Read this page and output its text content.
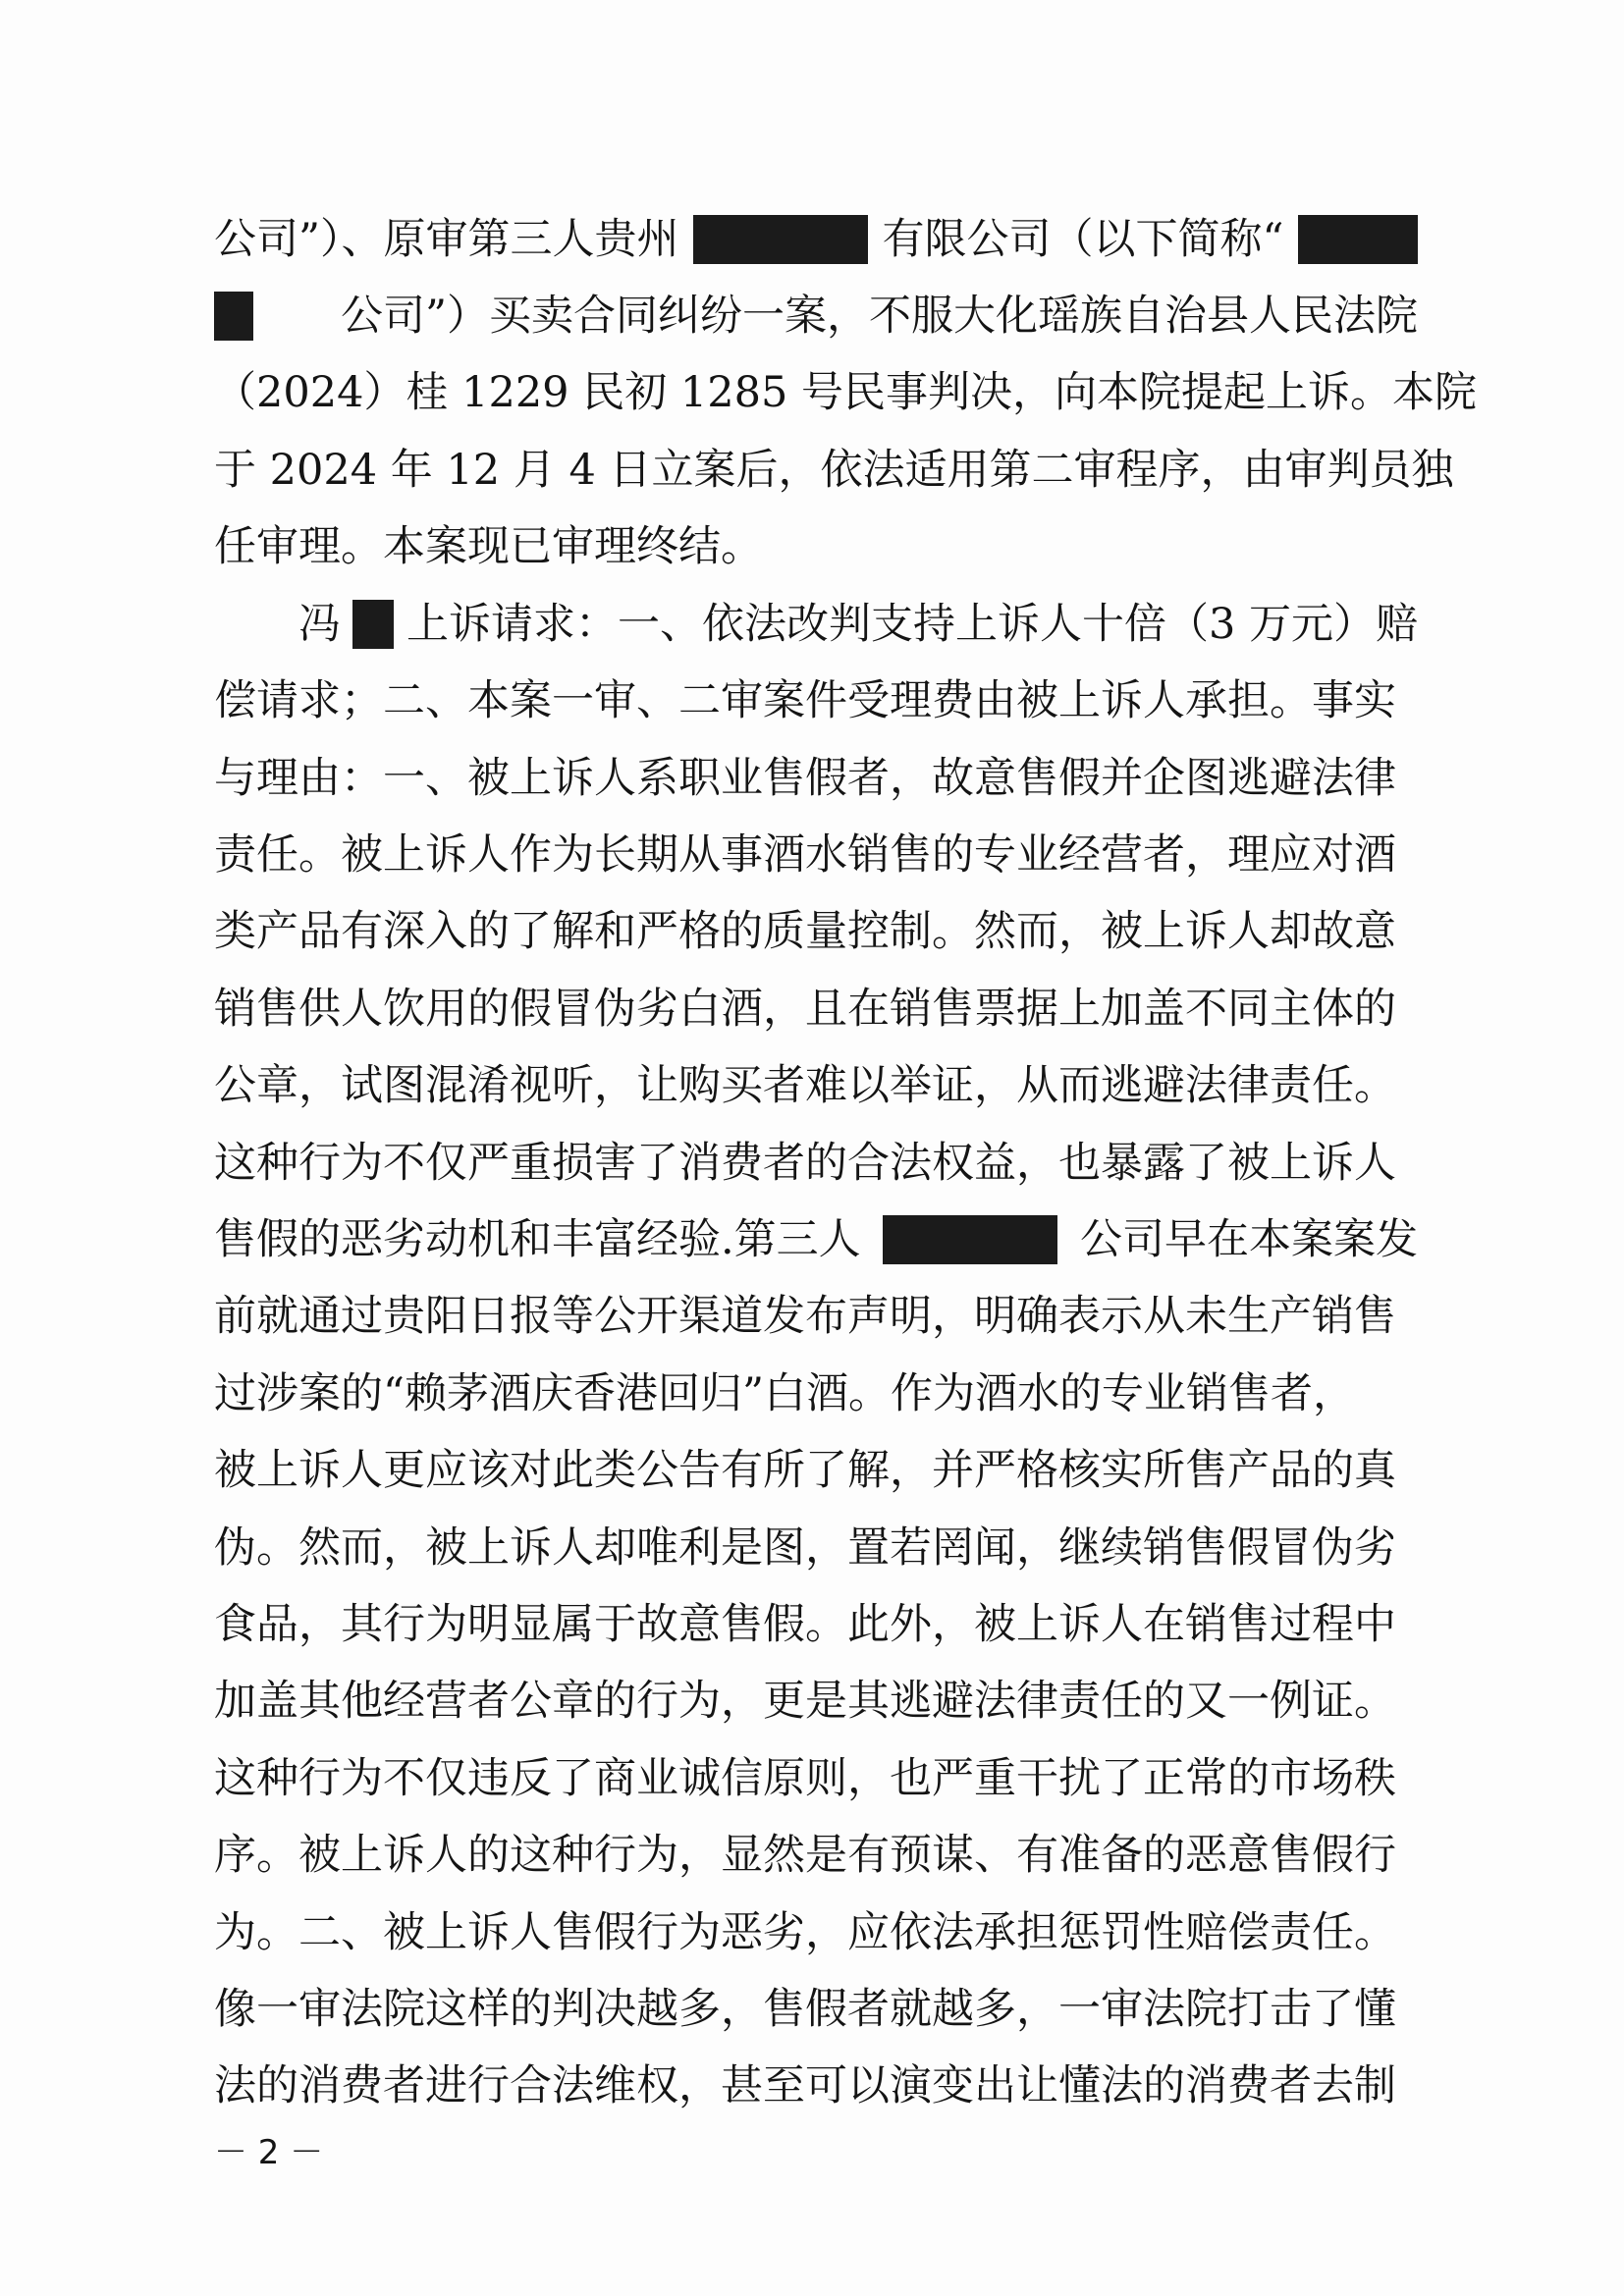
公司”）、原审第三人贵州	有限公司（以下简称“
公司”）买卖合同纠纷一案，不服大化瑶族自治县人民法院
（2024）桂 1229 民初 1285 号民事判决，向本院提起上诉。本院
于 2024 年 12 月 4 日立案后，依法适用第二审程序，由审判员独
任审理。本案现已审理终结。
冯 上诉请求：一、依法改判支持上诉人十倍（3 万元）赔
偿请求；二、本案一审、二审案件受理费由被上诉人承担。事实
与理由：一、被上诉人系职业售假者，故意售假并企图逃避法律
责任。被上诉人作为长期从事酒水销售的专业经营者，理应对酒
类产品有深入的了解和严格的质量控制。然而，被上诉人却故意
销售供人饮用的假冒伪劣白酒，且在销售票据上加盖不同主体的
公章，试图混淆视听，让购买者难以举证，从而逃避法律责任。
这种行为不仅严重损害了消费者的合法权益，也暴露了被上诉人
售假的恶劣动机和丰富经验.第三人	公司早在本案案发
前就通过贵阳日报等公开渠道发布声明，明确表示从未生产销售
过涉案的“赖茅酒庆香港回归”白酒。作为酒水的专业销售者，
被上诉人更应该对此类公告有所了解，并严格核实所售产品的真
伪。然而，被上诉人却唯利是图，置若罔闻，继续销售假冒伪劣
食品，其行为明显属于故意售假。此外，被上诉人在销售过程中
加盖其他经营者公章的行为，更是其逃避法律责任的又一例证。
这种行为不仅违反了商业诚信原则，也严重干扰了正常的市场秩
序。被上诉人的这种行为，显然是有预谋、有准备的恶意售假行
为。二、被上诉人售假行为恶劣，应依法承担惩罚性赔偿责任。
像一审法院这样的判决越多，售假者就越多，一审法院打击了懂
法的消费者进行合法维权，甚至可以演变出让懂法的消费者去制
－ 2 －
